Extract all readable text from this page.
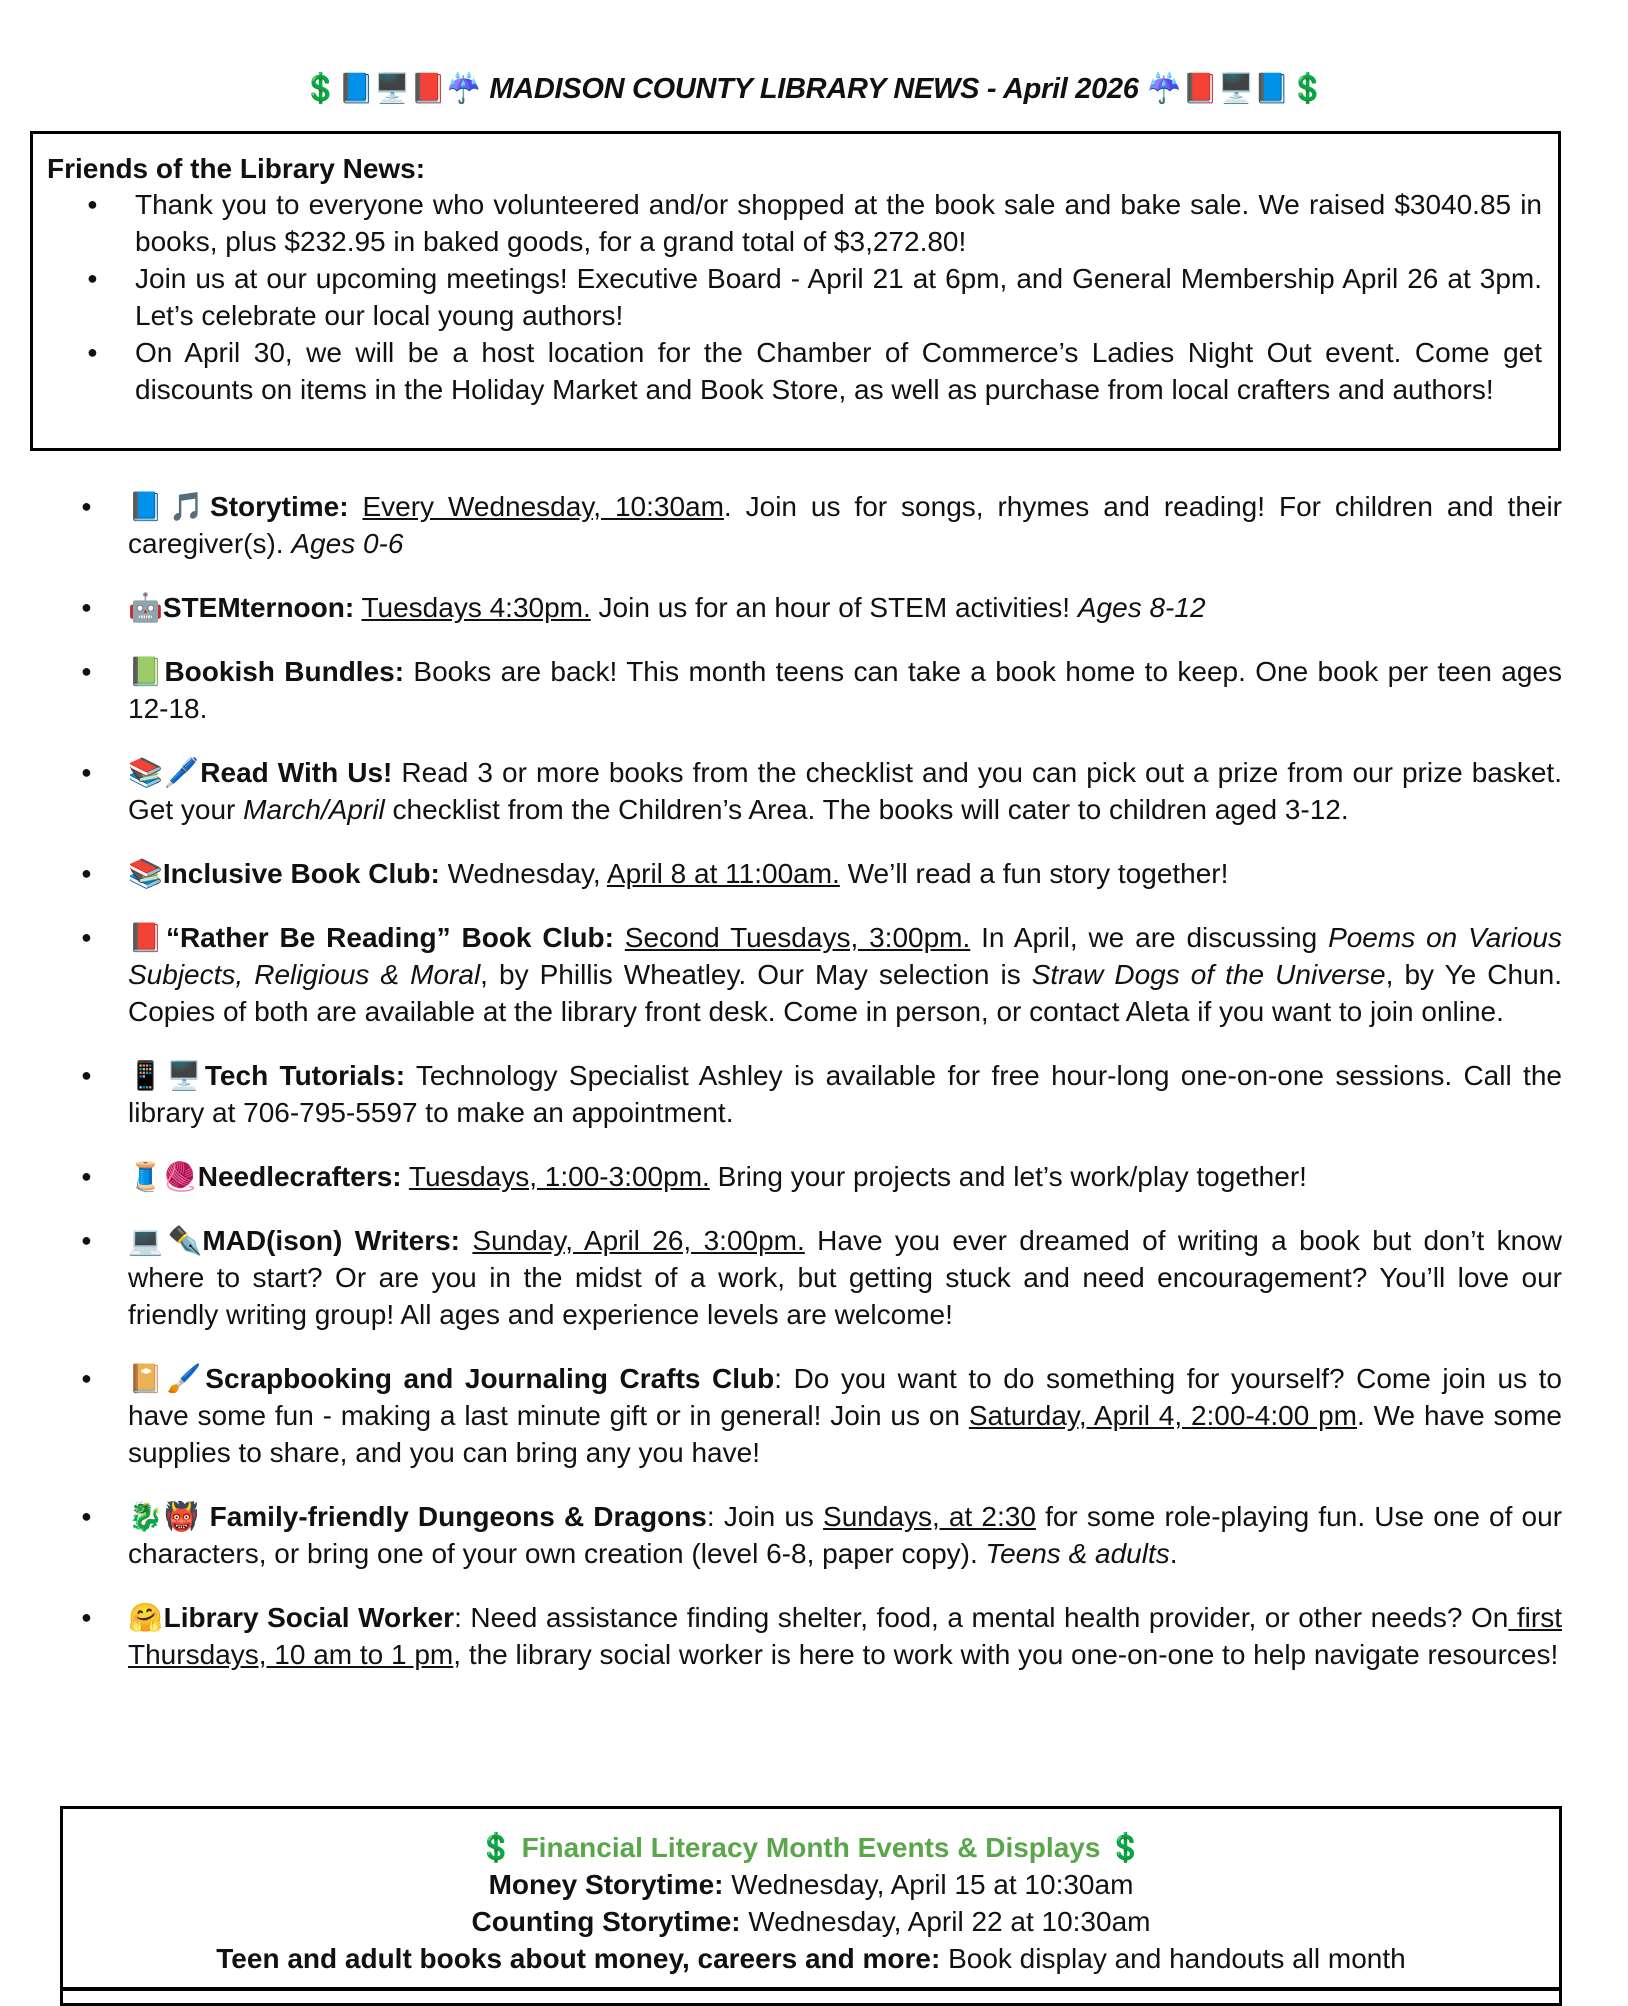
💲📘🖥️📕☔ MADISON COUNTY LIBRARY NEWS - April 2026 ☔📕🖥️📘💲
Friends of the Library News:
● Thank you to everyone who volunteered and/or shopped at the book sale and bake sale. We raised $3040.85 in books, plus $232.95 in baked goods, for a grand total of $3,272.80!
● Join us at our upcoming meetings! Executive Board - April 21 at 6pm, and General Membership April 26 at 3pm. Let’s celebrate our local young authors!
● On April 30, we will be a host location for the Chamber of Commerce’s Ladies Night Out event. Come get discounts on items in the Holiday Market and Book Store, as well as purchase from local crafters and authors!
● 📘🎵Storytime: Every Wednesday, 10:30am. Join us for songs, rhymes and reading! For children and their caregiver(s). Ages 0-6
● 🤖STEMternoon: Tuesdays 4:30pm. Join us for an hour of STEM activities! Ages 8-12
● 📗Bookish Bundles: Books are back! This month teens can take a book home to keep. One book per teen ages 12-18.
● 📚🖊️Read With Us! Read 3 or more books from the checklist and you can pick out a prize from our prize basket. Get your March/April checklist from the Children’s Area. The books will cater to children aged 3-12.
● 📚Inclusive Book Club: Wednesday, April 8 at 11:00am. We’ll read a fun story together!
● 📕“Rather Be Reading” Book Club: Second Tuesdays, 3:00pm. In April, we are discussing Poems on Various Subjects, Religious & Moral, by Phillis Wheatley. Our May selection is Straw Dogs of the Universe, by Ye Chun. Copies of both are available at the library front desk. Come in person, or contact Aleta if you want to join online.
● 📱🖥️Tech Tutorials: Technology Specialist Ashley is available for free hour-long one-on-one sessions. Call the library at 706-795-5597 to make an appointment.
● 🧵🧶Needlecrafters: Tuesdays, 1:00-3:00pm. Bring your projects and let’s work/play together!
● 💻✒️MAD(ison) Writers: Sunday, April 26, 3:00pm. Have you ever dreamed of writing a book but don’t know where to start? Or are you in the midst of a work, but getting stuck and need encouragement? You’ll love our friendly writing group! All ages and experience levels are welcome!
● 📔🖌️Scrapbooking and Journaling Crafts Club: Do you want to do something for yourself? Come join us to have some fun - making a last minute gift or in general! Join us on Saturday, April 4, 2:00-4:00 pm. We have some supplies to share, and you can bring any you have!
● 🐉👹 Family-friendly Dungeons & Dragons: Join us Sundays, at 2:30 for some role-playing fun. Use one of our characters, or bring one of your own creation (level 6-8, paper copy). Teens & adults.
● 🤗Library Social Worker: Need assistance finding shelter, food, a mental health provider, or other needs? On first Thursdays, 10 am to 1 pm, the library social worker is here to work with you one-on-one to help navigate resources!
💲 Financial Literacy Month Events & Displays 💲
Money Storytime: Wednesday, April 15 at 10:30am
Counting Storytime: Wednesday, April 22 at 10:30am
Teen and adult books about money, careers and more: Book display and handouts all month
